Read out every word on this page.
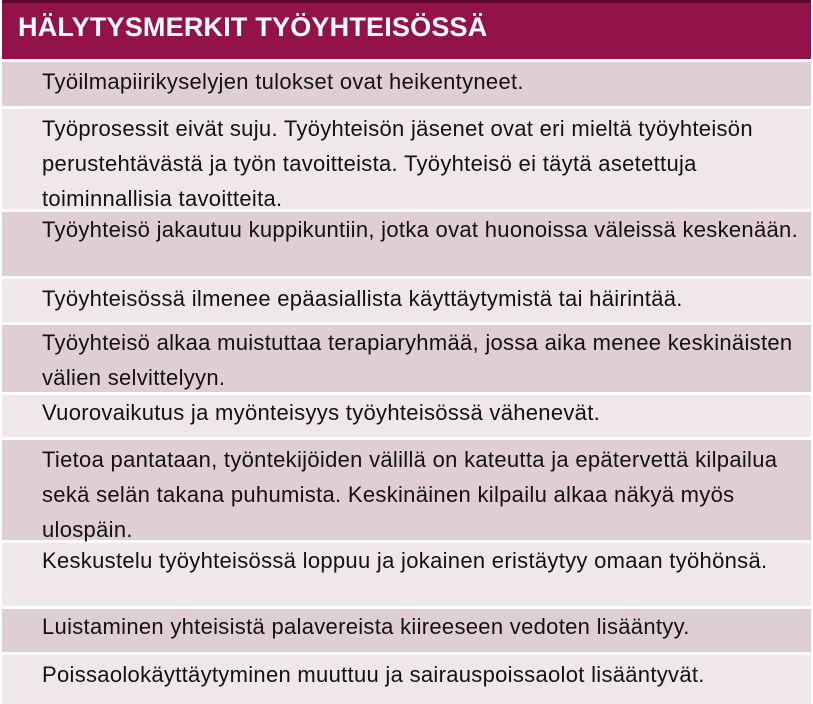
HÄLYTYSMERKIT TYÖYHTEISÖSSÄ
Työilmapiirikyselyjen tulokset ovat heikentyneet.
Työprosessit eivät suju. Työyhteisön jäsenet ovat eri mieltä työyhteisön perustehtävästä ja työn tavoitteista. Työyhteisö ei täytä asetettuja toiminnallisia tavoitteita.
Työyhteisö jakautuu kuppikuntiin, jotka ovat huonoissa väleissä keskenään.
Työyhteisössä ilmenee epäasiallista käyttäytymistä tai häirintää.
Työyhteisö alkaa muistuttaa terapiaryhmää, jossa aika menee keskinäisten välien selvittelyyn.
Vuorovaikutus ja myönteisyys työyhteisössä vähenevät.
Tietoa pantataan, työntekijöiden välillä on kateutta ja epätervettä kilpailua sekä selän takana puhumista. Keskinäinen kilpailu alkaa näkyä myös ulospäin.
Keskustelu työyhteisössä loppuu ja jokainen eristäytyy omaan työhönsä.
Luistaminen yhteisistä palavereista kiireeseen vedoten lisääntyy.
Poissaolokäyttäytyminen muuttuu ja sairauspoissaolot lisääntyvät.
